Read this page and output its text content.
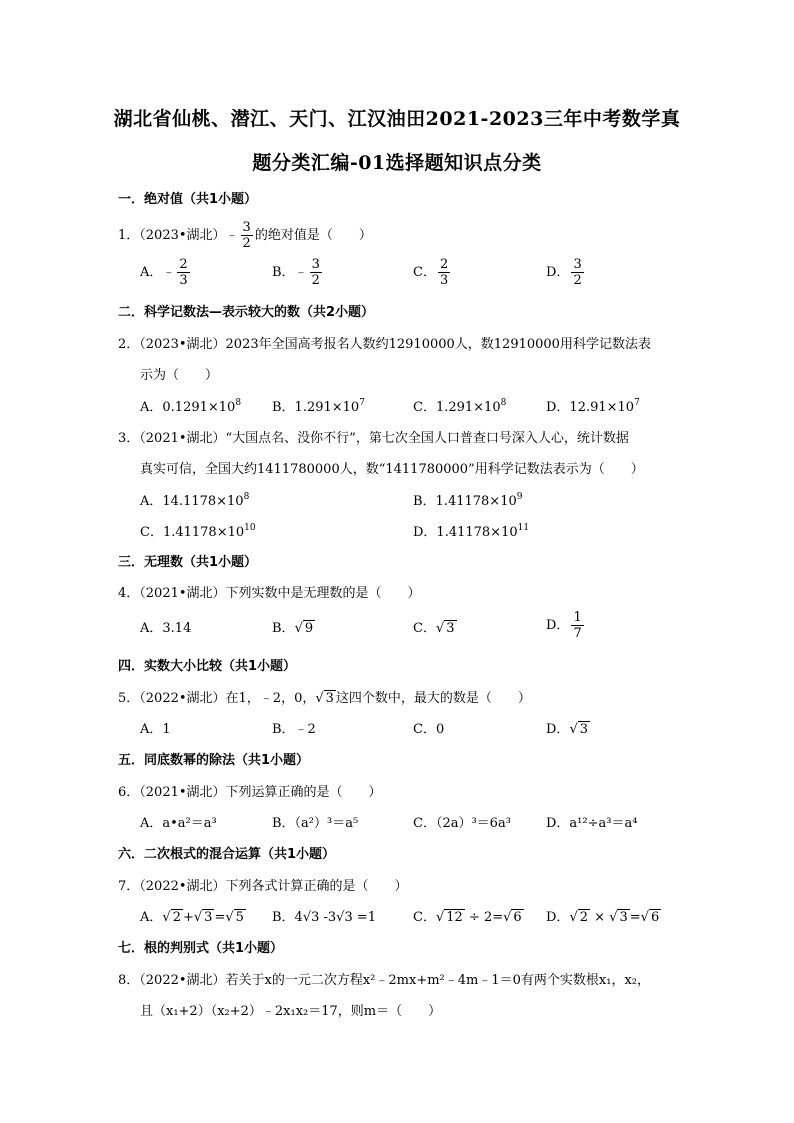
湖北省仙桃、潜江、天门、江汉油田2021-2023三年中考数学真
题分类汇编-01选择题知识点分类
一．绝对值（共1小题）
1．（2023•湖北）﹣ $\frac{3}{2}$ 的绝对值是（　　）
A．﹣ $\frac{2}{3}$	B．﹣ $\frac{3}{2}$	C． $\frac{2}{3}$	D． $\frac{3}{2}$
二．科学记数法—表示较大的数（共2小题）
2．（2023•湖北）2023年全国高考报名人数约12910000人，数12910000用科学记数法表
示为（　　）
A．$0.1291\times 10^8$ B．$1.291\times 10^7$	C．$1.291\times 10^8$	D．$12.91\times 10^7$
3．（2021•湖北）“大国点名、没你不行”，第七次全国人口普查口号深入人心，统计数据
真实可信，全国大约1411780000人，数“1411780000”用科学记数法表示为（　　）
A．$14.1178\times 10^8$	B．$1.41178\times 10^9$
C．$1.41178\times 10^{10}$	D．$1.41178\times 10^{11}$
三．无理数（共1小题）
4．（2021•湖北）下列实数中是无理数的是（　　）
A．3.14	B．√ 9	C．√ 3	D． $\frac{1}{7}$
四．实数大小比较（共1小题）
5．（2022•湖北）在1，﹣2，0，√ 3 这四个数中，最大的数是（　　）
A．1	B．﹣2	C．0	D．√ 3
五．同底数幂的除法（共1小题）
6．（2021•湖北）下列运算正确的是（　　）
A．a•a²＝a³	B．（a²）³＝a⁵	C．（2a）³＝6a³	D．a¹²÷a³＝a⁴
六．二次根式的混合运算（共1小题）
7．（2022•湖北）下列各式计算正确的是（　　）
A．√ 2 +√ 3 =√ 5 B．4√3 -3√3 =1	C．√ 12 ÷ 2=√ 6 D．√ 2 × √ 3 =√ 6
七．根的判别式（共1小题）
8．（2022•湖北）若关于x的一元二次方程x²﹣2mx+m²﹣4m﹣1＝0有两个实数根x₁，x₂，
且（x₁+2）（x₂+2）﹣2x₁x₂＝17，则m＝（　　）
